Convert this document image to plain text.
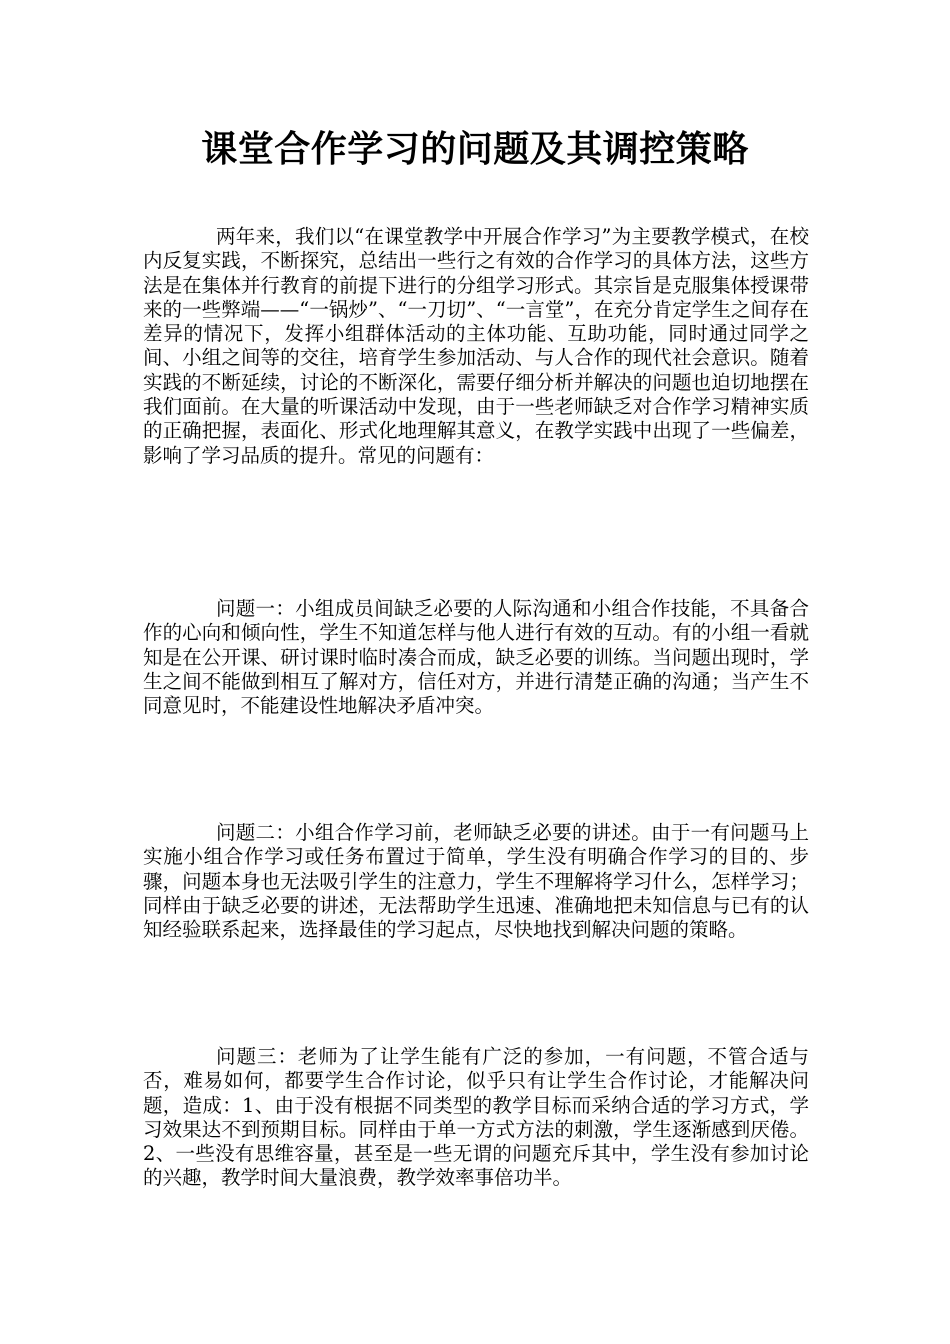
课堂合作学习的问题及其调控策略

两年来，我们以“在课堂教学中开展合作学习”为主要教学模式，在校内反复实践，不断探究，总结出一些行之有效的合作学习的具体方法，这些方法是在集体并行教育的前提下进行的分组学习形式。其宗旨是克服集体授课带来的一些弊端——“一锅炒”、“一刀切”、“一言堂”，在充分肯定学生之间存在差异的情况下，发挥小组群体活动的主体功能、互助功能，同时通过同学之间、小组之间等的交往，培育学生参加活动、与人合作的现代社会意识。随着实践的不断延续，讨论的不断深化，需要仔细分析并解决的问题也迫切地摆在我们面前。在大量的听课活动中发现，由于一些老师缺乏对合作学习精神实质的正确把握，表面化、形式化地理解其意义，在教学实践中出现了一些偏差，影响了学习品质的提升。常见的问题有：

问题一：小组成员间缺乏必要的人际沟通和小组合作技能，不具备合作的心向和倾向性，学生不知道怎样与他人进行有效的互动。有的小组一看就知是在公开课、研讨课时临时凑合而成，缺乏必要的训练。当问题出现时，学生之间不能做到相互了解对方，信任对方，并进行清楚正确的沟通；当产生不同意见时，不能建设性地解决矛盾冲突。

问题二：小组合作学习前，老师缺乏必要的讲述。由于一有问题马上实施小组合作学习或任务布置过于简单，学生没有明确合作学习的目的、步骤，问题本身也无法吸引学生的注意力，学生不理解将学习什么，怎样学习；同样由于缺乏必要的讲述，无法帮助学生迅速、准确地把未知信息与已有的认知经验联系起来，选择最佳的学习起点，尽快地找到解决问题的策略。

问题三：老师为了让学生能有广泛的参加，一有问题，不管合适与否，难易如何，都要学生合作讨论，似乎只有让学生合作讨论，才能解决问题，造成：1、由于没有根据不同类型的教学目标而采纳合适的学习方式，学习效果达不到预期目标。同样由于单一方式方法的刺激，学生逐渐感到厌倦。2、一些没有思维容量，甚至是一些无谓的问题充斥其中，学生没有参加讨论的兴趣，教学时间大量浪费，教学效率事倍功半。
